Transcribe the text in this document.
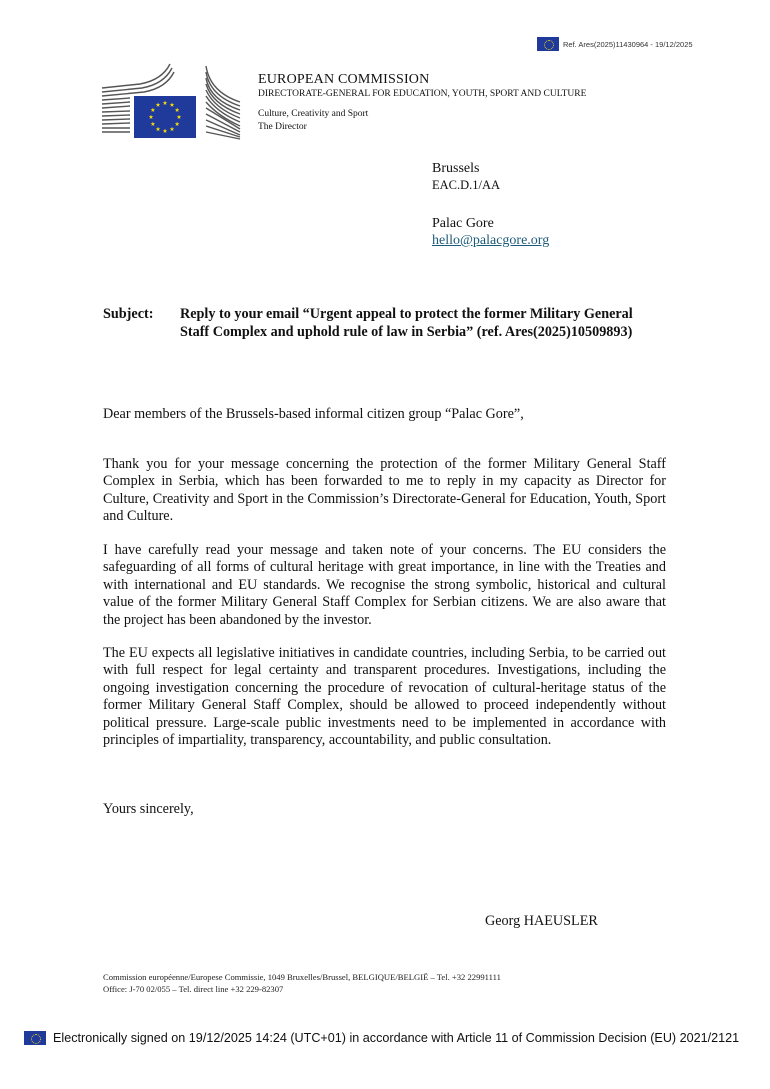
Ref. Ares(2025)11430964 - 19/12/2025
EUROPEAN COMMISSION
DIRECTORATE-GENERAL FOR EDUCATION, YOUTH, SPORT AND CULTURE
Culture, Creativity and Sport
The Director
Brussels
EAC.D.1/AA
Palac Gore
hello@palacgore.org
Subject:	Reply to your email “Urgent appeal to protect the former Military General Staff Complex and uphold rule of law in Serbia” (ref. Ares(2025)10509893)
Dear members of the Brussels-based informal citizen group “Palac Gore”,
Thank you for your message concerning the protection of the former Military General Staff Complex in Serbia, which has been forwarded to me to reply in my capacity as Director for Culture, Creativity and Sport in the Commission’s Directorate-General for Education, Youth, Sport and Culture.
I have carefully read your message and taken note of your concerns. The EU considers the safeguarding of all forms of cultural heritage with great importance, in line with the Treaties and with international and EU standards. We recognise the strong symbolic, historical and cultural value of the former Military General Staff Complex for Serbian citizens. We are also aware that the project has been abandoned by the investor.
The EU expects all legislative initiatives in candidate countries, including Serbia, to be carried out with full respect for legal certainty and transparent procedures. Investigations, including the ongoing investigation concerning the procedure of revocation of cultural-heritage status of the former Military General Staff Complex, should be allowed to proceed independently without political pressure. Large-scale public investments need to be implemented in accordance with principles of impartiality, transparency, accountability, and public consultation.
Yours sincerely,
Georg HAEUSLER
Commission européenne/Europese Commissie, 1049 Bruxelles/Brussel, BELGIQUE/BELGIË – Tel. +32 22991111
Office: J-70 02/055 – Tel. direct line +32 229-82307
Electronically signed on 19/12/2025 14:24 (UTC+01) in accordance with Article 11 of Commission Decision (EU) 2021/2121
